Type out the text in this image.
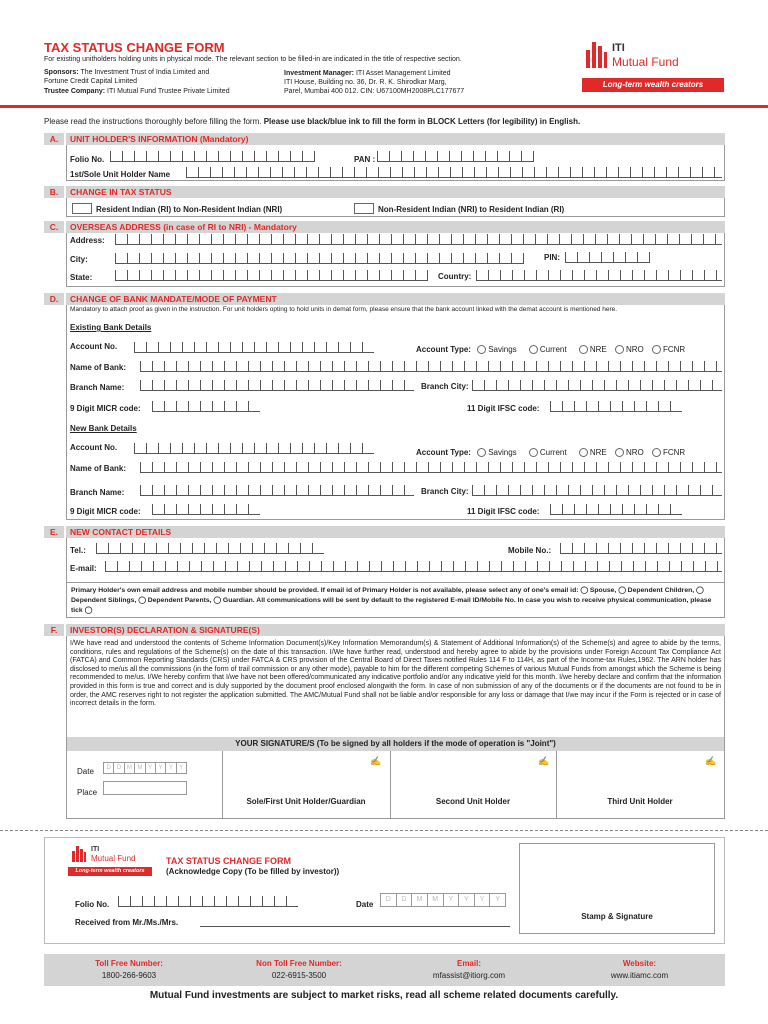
TAX STATUS CHANGE FORM
For existing unitholders holding units in physical mode. The relevant section to be filled-in are indicated in the title of respective section.
Sponsors: The Investment Trust of India Limited and
Fortune Credit Capital Limited
Trustee Company: ITI Mutual Fund Trustee Private Limited
Investment Manager: ITI Asset Management Limited
ITI House, Building no. 36, Dr. R. K. Shirodkar Marg,
Parel, Mumbai 400 012. CIN: U67100MH2008PLC177677
ITI
Mutual Fund
Long-term wealth creators
Please read the instructions thoroughly before filling the form. Please use black/blue ink to fill the form in BLOCK Letters (for legibility) in English.
A.	UNIT HOLDER'S INFORMATION (Mandatory)
Folio No.	PAN :
1st/Sole Unit Holder Name
B.	CHANGE IN TAX STATUS
Resident Indian (RI) to Non-Resident Indian (NRI)	Non-Resident Indian (NRI) to Resident Indian (RI)
C.	OVERSEAS ADDRESS (in case of RI to NRI) - Mandatory
Address:
City:	PIN:
State:	Country:
D.	CHANGE OF BANK MANDATE/MODE OF PAYMENT
Mandatory to attach proof as given in the instruction. For unit holders opting to hold units in demat form, please ensure that the bank account linked with the demat account is mentioned here.
Existing Bank Details
Account No.	Account Type: Savings	Current	NRE NRO FCNR
Name of Bank:
Branch Name:	Branch City:
9 Digit MICR code:	11 Digit IFSC code:
New Bank Details
Account No.
Account Type: Savings	Current	NRE NRO FCNR
Name of Bank:
Branch Name:	Branch City:
9 Digit MICR code:	11 Digit IFSC code:
E.	NEW CONTACT DETAILS
Tel.:	Mobile No.:
E-mail:
Primary Holder's own email address and mobile number should be provided. If email id of Primary Holder is not available, please select any of one's email id: ◯ Spouse, ◯ Dependent Children, ◯ Dependent Siblings, ◯ Dependent Parents, ◯ Guardian. All communications will be sent by default to the registered E-mail ID/Mobile No. In case you wish to receive physical communication, please tick ◯
F.	INVESTOR(S) DECLARATION & SIGNATURE(S)
I/We have read and understood the contents of Scheme Information Document(s)/Key Information Memorandum(s) & Statement of Additional Information(s) of the Scheme(s) and agree to abide by the terms, conditions, rules and regulations of the Scheme(s) on the date of this transaction. I/We have further read, understood and hereby agree to abide by the provisions under Foreign Account Tax Compliance Act (FATCA) and Common Reporting Standards (CRS) under FATCA & CRS provision of the Central Board of Direct Taxes notified Rules 114 F to 114H, as part of the Income-tax Rules,1962. The ARN holder has disclosed to me/us all the commissions (in the form of trail commission or any other mode), payable to him for the different competing Schemes of various Mutual Funds from amongst which the Scheme is being recommended to me/us. I/We hereby confirm that I/we have not been offered/communicated any indicative portfolio and/or any indicative yield for this month. I/we hereby declare and confirm that the information provided in this form is true and correct and is duly supported by the document proof enclosed alongwith the form. In case of non submission of any of the documents or if the documents are not found to be in order, the AMC reserves right to not register the application submitted. The AMC/Mutual Fund shall not be liable and/or responsible for any loss or damage that I/we may incur if the Form is rejected or in case of incorrect details in the form.
YOUR SIGNATURE/S (To be signed by all holders if the mode of operation is "Joint")
Date	D	D M M Y	Y	Y	Y
Place
✍	✍	✍
Sole/First Unit Holder/Guardian	Second Unit Holder	Third Unit Holder
ITI
Mutual Fund
Long-term wealth creators
TAX STATUS CHANGE FORM
(Acknowledge Copy (To be filled by investor))
Folio No.	Date
D	D	M	M	Y	Y	Y	Y
Received from Mr./Ms./Mrs.
Stamp & Signature
Toll Free Number:
1800-266-9603
Non Toll Free Number:
022-6915-3500
Email:
mfassist@itiorg.com
Website:
www.itiamc.com
Mutual Fund investments are subject to market risks, read all scheme related documents carefully.
